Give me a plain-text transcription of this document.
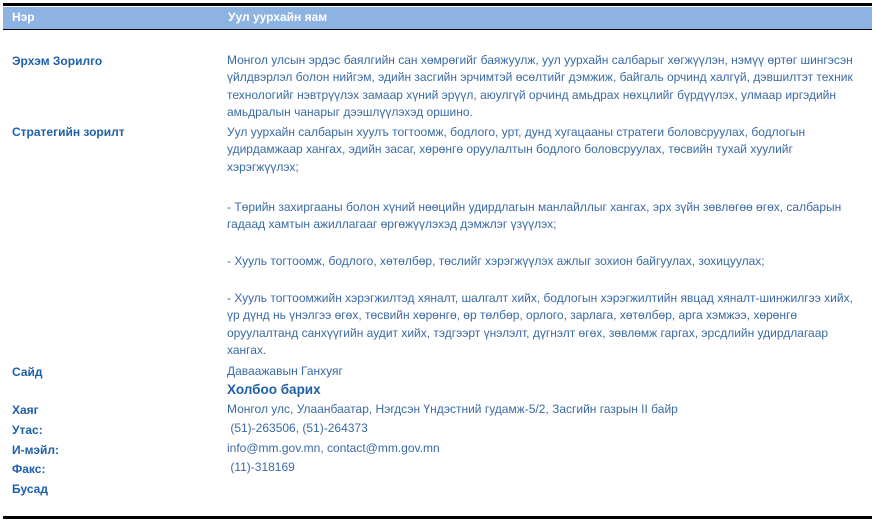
Нэр	Уул уурхайн яам
Эрхэм Зорилго	Монгол улсын эрдэс баялгийн сан хөмрөгийг баяжуулж, уул уурхайн салбарыг хөгжүүлэн, нэмүү өртөг шингэсэн үйлдвэрлэл болон нийгэм, эдийн засгийн эрчимтэй өсөлтийг дэмжиж, байгаль орчинд халгүй, дэвшилтэт техник технологийг нэвтрүүлэх замаар хүний эрүүл, аюулгүй орчинд амьдрах нөхцлийг бүрдүүлэх, улмаар иргэдийн амьдралын чанарыг дээшлүүлэхэд оршино.
Стратегийн зорилт	Уул уурхайн салбарын хуулъ тогтоомж, бодлого, урт, дунд хугацааны стратеги боловсруулах, бодлогын удирдамжаар хангах, эдийн засаг, хөрөнгө оруулалтын бодлого боловсруулах, төсвийн тухай хуулийг хэрэгжүүлэх;
- Төрийн захиргааны болон хүний нөөцийн удирдлагын манлайллыг хангах, эрх зүйн зөвлөгөө өгөх, салбарын гадаад хамтын ажиллагааг өргөжүүлэхэд дэмжлэг үзүүлэх;
- Хууль тогтоомж, бодлого, хөтөлбөр, төслийг хэрэгжүүлэх ажлыг зохион байгуулах, зохицуулах;
- Хууль тогтоомжийн хэрэгжилтэд хяналт, шалгалт хийх, бодлогын хэрэгжилтийн явцад хяналт-шинжилгээ хийх, үр дүнд нь үнэлгээ өгөх, төсвийн хөрөнгө, өр төлбөр, орлого, зарлага, хөтөлбөр, арга хэмжээ, хөрөнгө оруулалтанд санхүүгийн аудит хийх, тэдгээрт үнэлэлт, дүгнэлт өгөх, зөвлөмж гаргах, эрсдлийн удирдлагаар хангах.
Сайд	Даваажавын Ганхуяг
Холбоо барих
Хаяг	Монгол улс, Улаанбаатар, Нэгдсэн Үндэстний гудамж-5/2, Засгийн газрын II байр
Утас:	(51)-263506, (51)-264373
И-мэйл:	info@mm.gov.mn, contact@mm.gov.mn
Факс:	(11)-318169
Бусад
